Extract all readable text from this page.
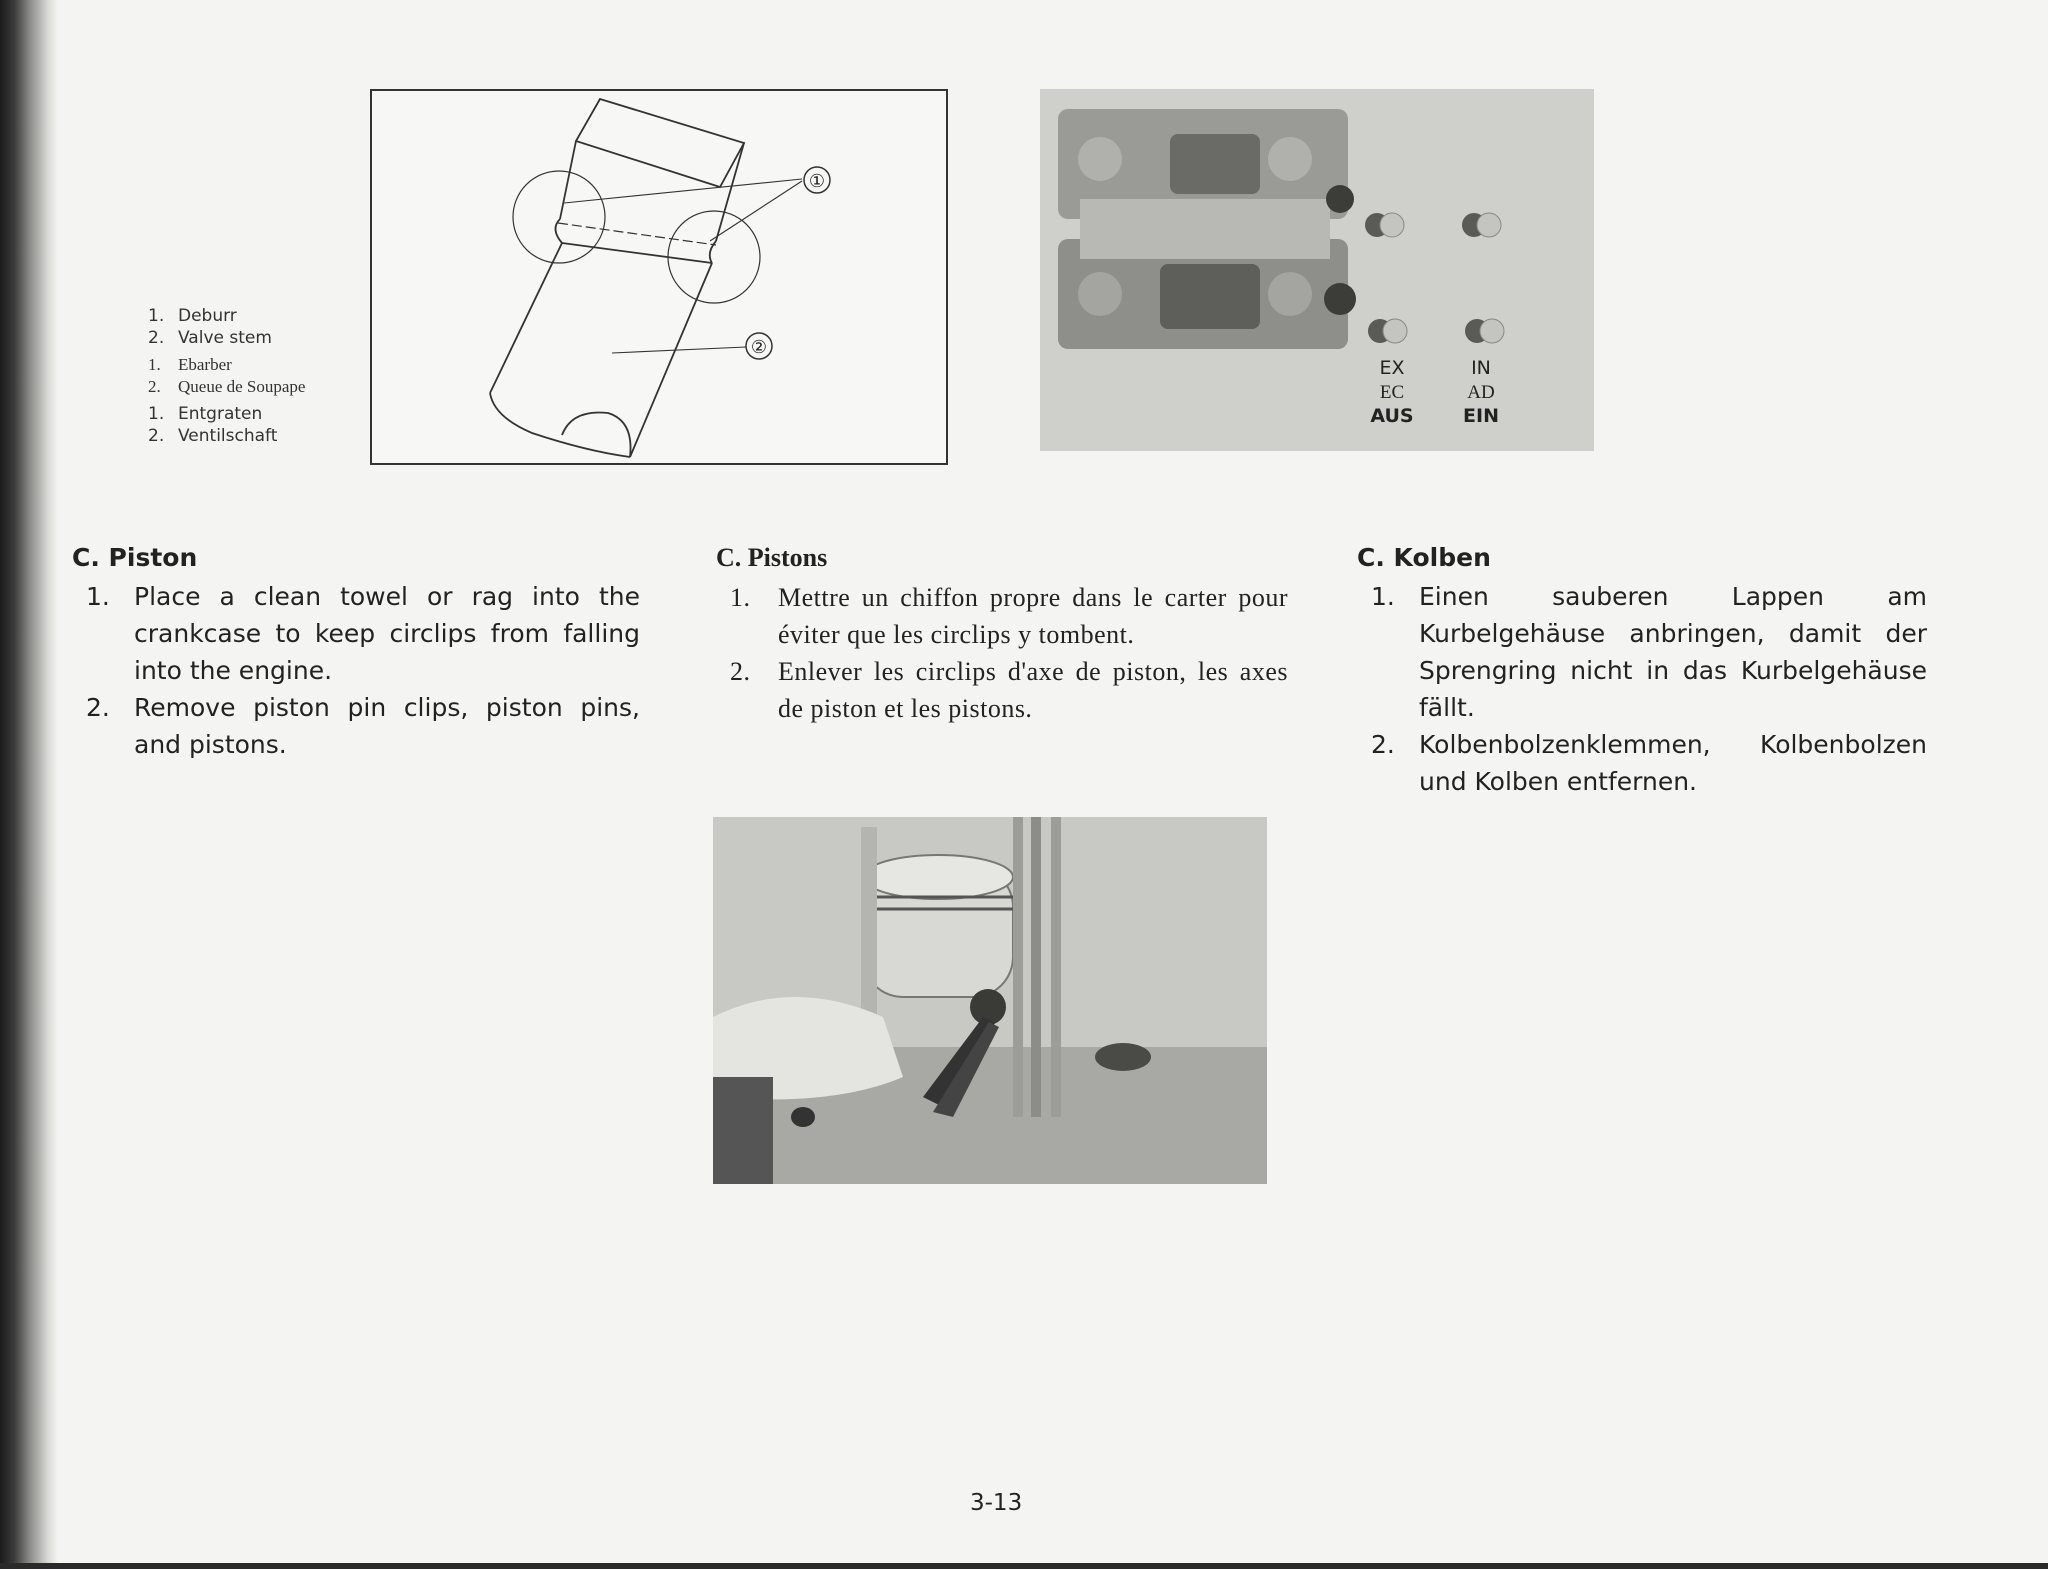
1. Deburr
2. Valve stem
1. Ebarber
2. Queue de Soupape
1. Entgraten
2. Ventilschaft
①
②
EX
EC
AUS
IN
AD
EIN
C. Piston
1. Place a clean towel or rag into the crankcase to keep circlips from falling into the engine.
2. Remove piston pin clips, piston pins, and pistons.
C. Pistons
1. Mettre un chiffon propre dans le carter pour éviter que les circlips y tombent.
2. Enlever les circlips d'axe de piston, les axes de piston et les pistons.
C. Kolben
1. Einen sauberen Lappen am Kurbelgehäuse anbringen, damit der Sprengring nicht in das Kurbelgehäuse fällt.
2. Kolbenbolzenklemmen, Kolbenbolzen und Kolben entfernen.
3-13
